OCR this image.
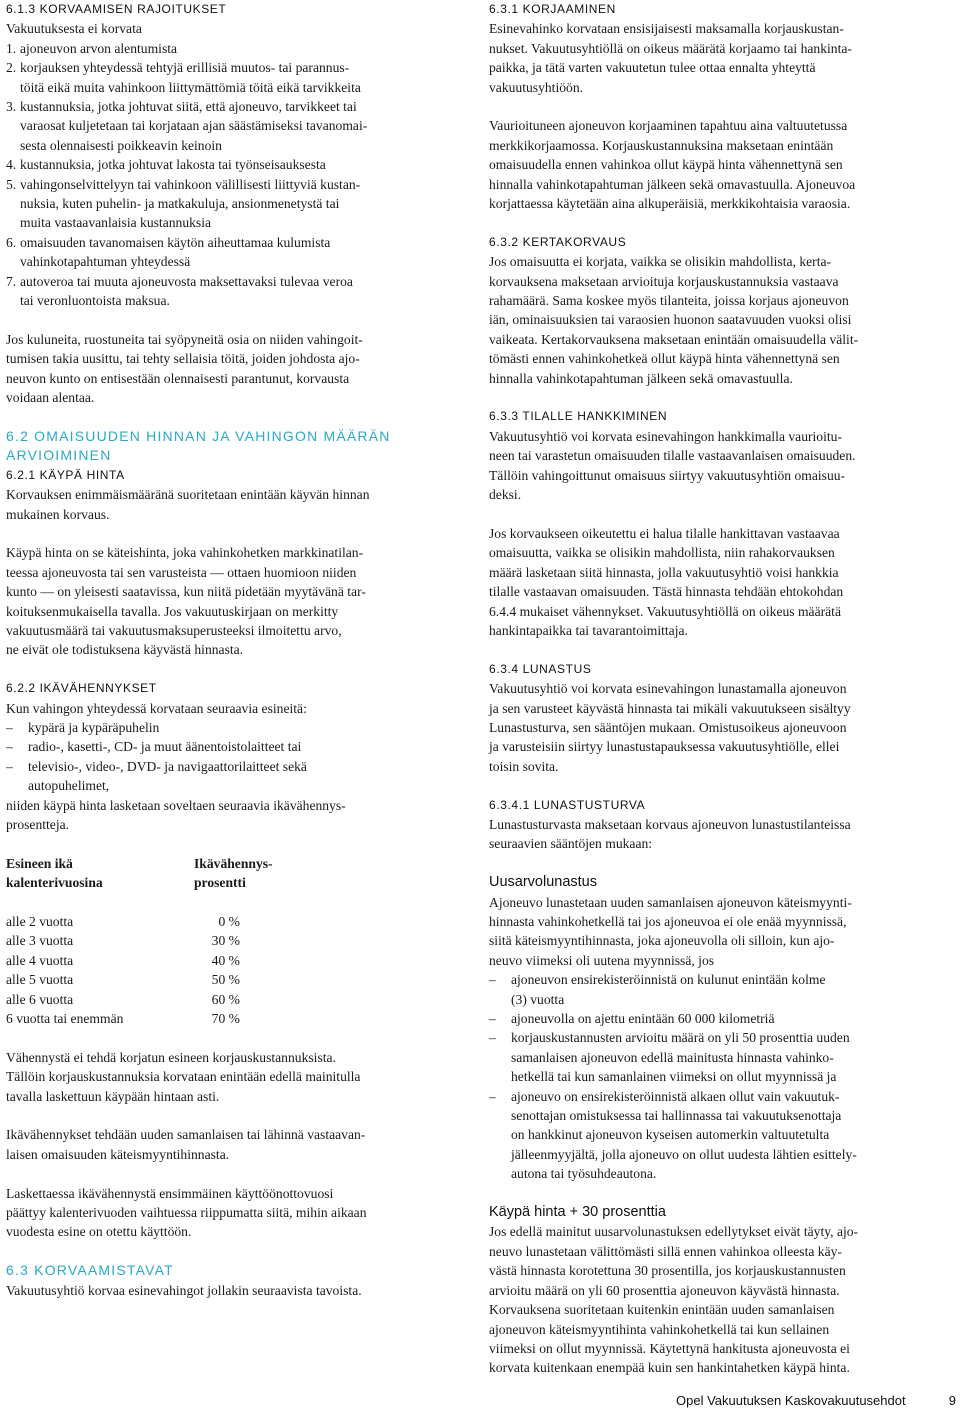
6.1.3 KORVAAMISEN RAJOITUKSET

Vakuutuksesta ei korvata

1. ajoneuvon arvon alentumista
2. korjauksen yhteydessä tehtyjä erillisiä muutos- tai parannus-
töitä eikä muita vahinkoon liittymättömiä töitä eikä tarvikkeita
3. kustannuksia, jotka johtuvat siitä, että ajoneuvo, tarvikkeet tai
varaosat kuljetetaan tai korjataan ajan säästämiseksi tavanomai-
sesta olennaisesti poikkeavin keinoin
4. kustannuksia, jotka johtuvat lakosta tai työnseisauksesta
5. vahingonselvittelyyn tai vahinkoon välillisesti liittyviä kustan-
nuksia, kuten puhelin- ja matkakuluja, ansionmenetystä tai
muita vastaavanlaisia kustannuksia
6. omaisuuden tavanomaisen käytön aiheuttamaa kulumista
vahinkotapahtuman yhteydessä
7. autoveroa tai muuta ajoneuvosta maksettavaksi tulevaa veroa
tai veronluontoista maksua.
Jos kuluneita, ruostuneita tai syöpyneitä osia on niiden vahingoit-
tumisen takia uusittu, tai tehty sellaisia töitä, joiden johdosta ajo-
neuvon kunto on entisestään olennaisesti parantunut, korvausta
voidaan alentaa.

6.2 OMAISUUDEN HINNAN JA VAHINGON MÄÄRÄN

ARVIOIMINEN

6.2.1 KÄYPÄ HINTA

Korvauksen enimmäismääränä suoritetaan enintään käyvän hinnan
mukainen korvaus.
Käypä hinta on se käteishinta, joka vahinkohetken markkinatilan-
teessa ajoneuvosta tai sen varusteista — ottaen huomioon niiden
kunto — on yleisesti saatavissa, kun niitä pidetään myytävänä tar-
koituksenmukaisella tavalla. Jos vakuutuskirjaan on merkitty
vakuutusmäärä tai vakuutusmaksuperusteeksi ilmoitettu arvo,
ne eivät ole todistuksena käyvästä hinnasta.

6.2.2 IKÄVÄHENNYKSET

Kun vahingon yhteydessä korvataan seuraavia esineitä:

–	kypärä ja kypäräpuhelin
–	radio-, kasetti-, CD- ja muut äänentoistolaitteet tai
–	televisio-, video-, DVD- ja navigaattorilaitteet sekä
autopuhelimet,
niiden käypä hinta lasketaan soveltaen seuraavia ikävähennys-
prosentteja.
Esineen ikä	Ikävähennys-
kalenterivuosina	prosentti
alle 2 vuotta	0 %
alle 3 vuotta	30 %
alle 4 vuotta	40 %
alle 5 vuotta	50 %
alle 6 vuotta	60 %
6 vuotta tai enemmän	70 %
Vähennystä ei tehdä korjatun esineen korjauskustannuksista.
Tällöin korjauskustannuksia korvataan enintään edellä mainitulla
tavalla laskettuun käypään hintaan asti.
Ikävähennykset tehdään uuden samanlaisen tai lähinnä vastaavan-
laisen omaisuuden käteismyyntihinnasta.
Laskettaessa ikävähennystä ensimmäinen käyttöönottovuosi
päättyy kalenterivuoden vaihtuessa riippumatta siitä, mihin aikaan
vuodesta esine on otettu käyttöön.

6.3 KORVAAMISTAVAT

Vakuutusyhtiö korvaa esinevahingot jollakin seuraavista tavoista.

6.3.1 KORJAAMINEN

Esinevahinko korvataan ensisijaisesti maksamalla korjauskustan-
nukset. Vakuutusyhtiöllä on oikeus määrätä korjaamo tai hankinta-
paikka, ja tätä varten vakuutetun tulee ottaa ennalta yhteyttä
vakuutusyhtiöön.
Vaurioituneen ajoneuvon korjaaminen tapahtuu aina valtuutetussa
merkkikorjaamossa. Korjauskustannuksina maksetaan enintään
omaisuudella ennen vahinkoa ollut käypä hinta vähennettynä sen
hinnalla vahinkotapahtuman jälkeen sekä omavastuulla. Ajoneuvoa
korjattaessa käytetään aina alkuperäisiä, merkkikohtaisia varaosia.

6.3.2 KERTAKORVAUS

Jos omaisuutta ei korjata, vaikka se olisikin mahdollista, kerta-
korvauksena maksetaan arvioituja korjauskustannuksia vastaava
rahamäärä. Sama koskee myös tilanteita, joissa korjaus ajoneuvon
iän, ominaisuuksien tai varaosien huonon saatavuuden vuoksi olisi
vaikeata. Kertakorvauksena maksetaan enintään omaisuudella välit-
tömästi ennen vahinkohetkeä ollut käypä hinta vähennettynä sen
hinnalla vahinkotapahtuman jälkeen sekä omavastuulla.

6.3.3 TILALLE HANKKIMINEN

Vakuutusyhtiö voi korvata esinevahingon hankkimalla vaurioitu-
neen tai varastetun omaisuuden tilalle vastaavanlaisen omaisuuden.
Tällöin vahingoittunut omaisuus siirtyy vakuutusyhtiön omaisuu-
deksi.
Jos korvaukseen oikeutettu ei halua tilalle hankittavan vastaavaa
omaisuutta, vaikka se olisikin mahdollista, niin rahakorvauksen
määrä lasketaan siitä hinnasta, jolla vakuutusyhtiö voisi hankkia
tilalle vastaavan omaisuuden. Tästä hinnasta tehdään ehtokohdan
6.4.4 mukaiset vähennykset. Vakuutusyhtiöllä on oikeus määrätä
hankintapaikka tai tavarantoimittaja.

6.3.4 LUNASTUS

Vakuutusyhtiö voi korvata esinevahingon lunastamalla ajoneuvon
ja sen varusteet käyvästä hinnasta tai mikäli vakuutukseen sisältyy
Lunastusturva, sen sääntöjen mukaan. Omistusoikeus ajoneuvoon
ja varusteisiin siirtyy lunastustapauksessa vakuutusyhtiölle, ellei
toisin sovita.

6.3.4.1 LUNASTUSTURVA

Lunastusturvasta maksetaan korvaus ajoneuvon lunastustilanteissa
seuraavien sääntöjen mukaan:

Uusarvolunastus

Ajoneuvo lunastetaan uuden samanlaisen ajoneuvon käteismyynti-
hinnasta vahinkohetkellä tai jos ajoneuvoa ei ole enää myynnissä,
siitä käteismyyntihinnasta, joka ajoneuvolla oli silloin, kun ajo-
neuvo viimeksi oli uutena myynnissä, jos
–	ajoneuvon ensirekisteröinnistä on kulunut enintään kolme
(3) vuotta
–	ajoneuvolla on ajettu enintään 60 000 kilometriä
–	korjauskustannusten arvioitu määrä on yli 50 prosenttia uuden
samanlaisen ajoneuvon edellä mainitusta hinnasta vahinko-
hetkellä tai kun samanlainen viimeksi on ollut myynnissä ja
–	ajoneuvo on ensirekisteröinnistä alkaen ollut vain vakuutuk-
senottajan omistuksessa tai hallinnassa tai vakuutuksenottaja
on hankkinut ajoneuvon kyseisen automerkin valtuutetulta
jälleenmyyjältä, jolla ajoneuvo on ollut uudesta lähtien esittely-
autona tai työsuhdeautona.

Käypä hinta + 30 prosenttia

Jos edellä mainitut uusarvolunastuksen edellytykset eivät täyty, ajo-
neuvo lunastetaan välittömästi sillä ennen vahinkoa olleesta käy-
västä hinnasta korotettuna 30 prosentilla, jos korjauskustannusten
arvioitu määrä on yli 60 prosenttia ajoneuvon käyvästä hinnasta.
Korvauksena suoritetaan kuitenkin enintään uuden samanlaisen
ajoneuvon käteismyyntihinta vahinkohetkellä tai kun sellainen
viimeksi on ollut myynnissä. Käytettynä hankitusta ajoneuvosta ei
korvata kuitenkaan enempää kuin sen hankintahetken käypä hinta.
Opel Vakuutuksen Kaskovakuutusehdot	9
